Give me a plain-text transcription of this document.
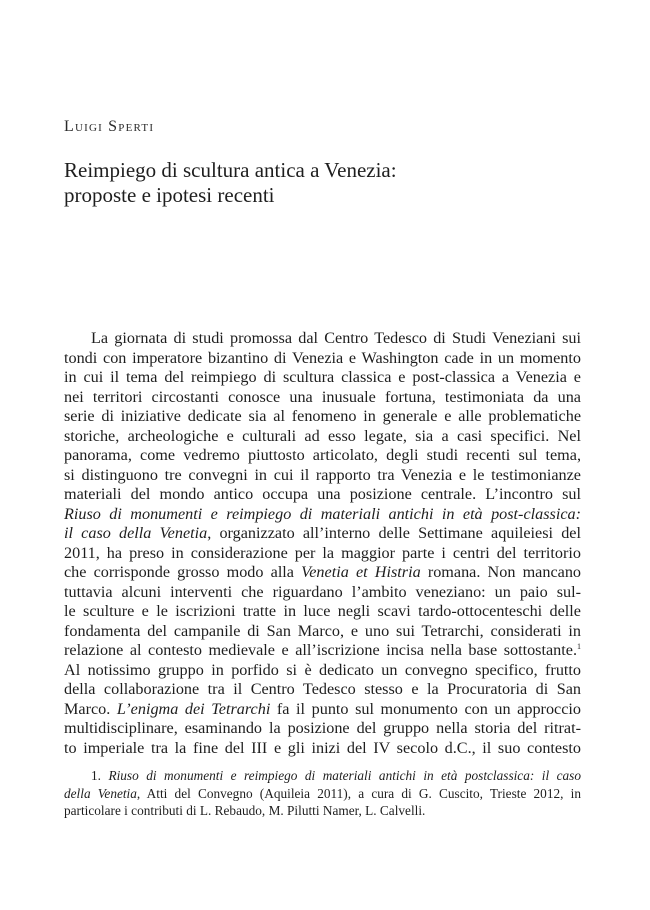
Luigi Sperti

Reimpiego di scultura antica a Venezia:
proposte e ipotesi recenti
La giornata di studi promossa dal Centro Tedesco di Studi Veneziani sui
tondi con imperatore bizantino di Venezia e Washington cade in un momento
in cui il tema del reimpiego di scultura classica e post-classica a Venezia e
nei territori circostanti conosce una inusuale fortuna, testimoniata da una
serie di iniziative dedicate sia al fenomeno in generale e alle problematiche
storiche, archeologiche e culturali ad esso legate, sia a casi specifici. Nel
panorama, come vedremo piuttosto articolato, degli studi recenti sul tema,
si distinguono tre convegni in cui il rapporto tra Venezia e le testimonianze
materiali del mondo antico occupa una posizione centrale. L’incontro sul
Riuso di monumenti e reimpiego di materiali antichi in età post-classica:
il caso della Venetia, organizzato all’interno delle Settimane aquileiesi del
2011, ha preso in considerazione per la maggior parte i centri del territorio
che corrisponde grosso modo alla Venetia et Histria romana. Non mancano
tuttavia alcuni interventi che riguardano l’ambito veneziano: un paio sul-
le sculture e le iscrizioni tratte in luce negli scavi tardo-ottocenteschi delle
fondamenta del campanile di San Marco, e uno sui Tetrarchi, considerati in
relazione al contesto medievale e all’iscrizione incisa nella base sottostante.$^1$
Al notissimo gruppo in porfido si è dedicato un convegno specifico, frutto
della collaborazione tra il Centro Tedesco stesso e la Procuratoria di San
Marco. L’enigma dei Tetrarchi fa il punto sul monumento con un approccio
multidisciplinare, esaminando la posizione del gruppo nella storia del ritrat-
to imperiale tra la fine del III e gli inizi del IV secolo d.C., il suo contesto
1. Riuso di monumenti e reimpiego di materiali antichi in età postclassica: il caso
della Venetia, Atti del Convegno (Aquileia 2011), a cura di G. Cuscito, Trieste 2012, in
particolare i contributi di L. Rebaudo, M. Pilutti Namer, L. Calvelli.
